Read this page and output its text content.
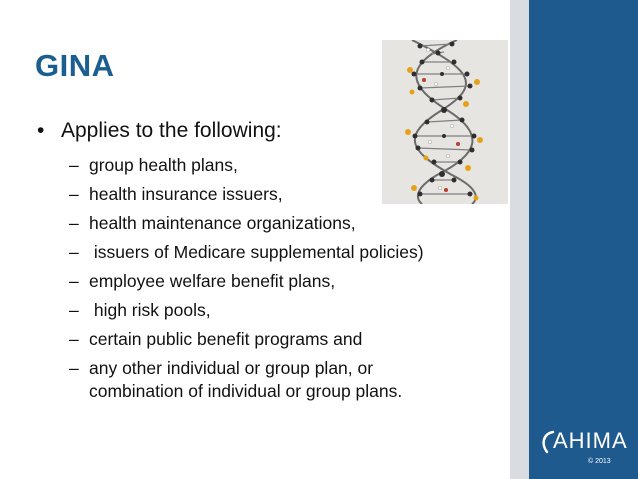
GINA
• Applies to the following:
– group health plans,
– health insurance issuers,
– health maintenance organizations,
– issuers of Medicare supplemental policies)
– employee welfare benefit plans,
– high risk pools,
– certain public benefit programs and
– any other individual or group plan, or
combination of individual or group plans.
AHIMA
© 2013
